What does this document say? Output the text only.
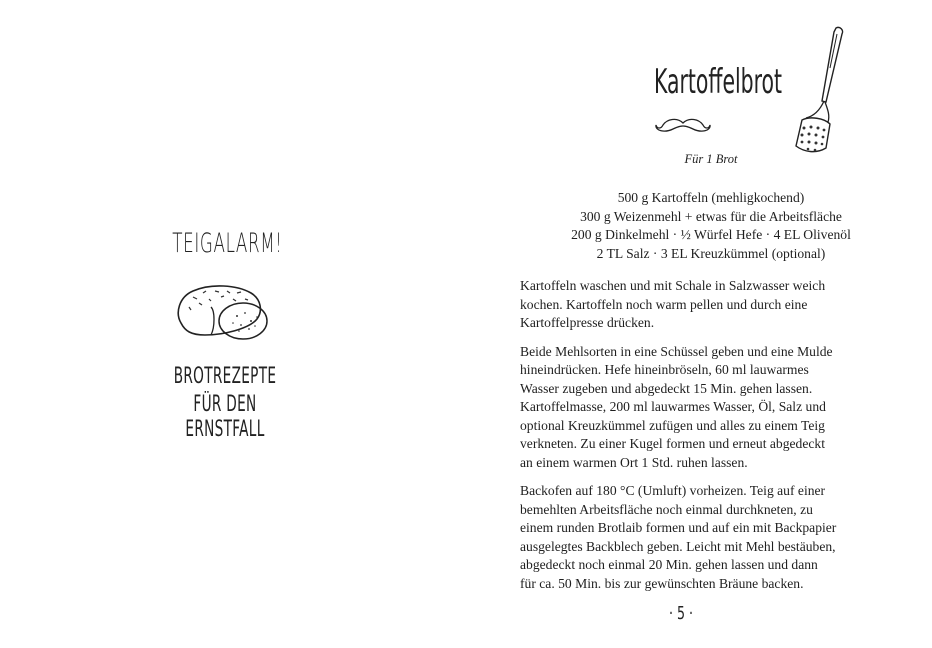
TEIGALARM!
BROTREZEPTE
FÜR DEN ERNSTFALL
Kartoffelbrot
Für 1 Brot
500 g Kartoffeln (mehligkochend)
300 g Weizenmehl + etwas für die Arbeitsfläche
200 g Dinkelmehl · ½ Würfel Hefe · 4 EL Olivenöl
2 TL Salz · 3 EL Kreuzkümmel (optional)

Kartoffeln waschen und mit Schale in Salzwasser weich
kochen. Kartoffeln noch warm pellen und durch eine
Kartoffelpresse drücken.

Beide Mehlsorten in eine Schüssel geben und eine Mulde
hineindrücken. Hefe hineinbröseln, 60 ml lauwarmes
Wasser zugeben und abgedeckt 15 Min. gehen lassen.
Kartoffelmasse, 200 ml lauwarmes Wasser, Öl, Salz und
optional Kreuzkümmel zufügen und alles zu einem Teig
verkneten. Zu einer Kugel formen und erneut abgedeckt
an einem warmen Ort 1 Std. ruhen lassen.

Backofen auf 180 °C (Umluft) vorheizen. Teig auf einer
bemehlten Arbeitsfläche noch einmal durchkneten, zu
einem runden Brotlaib formen und auf ein mit Backpapier
ausgelegtes Backblech geben. Leicht mit Mehl bestäuben,
abgedeckt noch einmal 20 Min. gehen lassen und dann
für ca. 50 Min. bis zur gewünschten Bräune backen.

· 5 ·
